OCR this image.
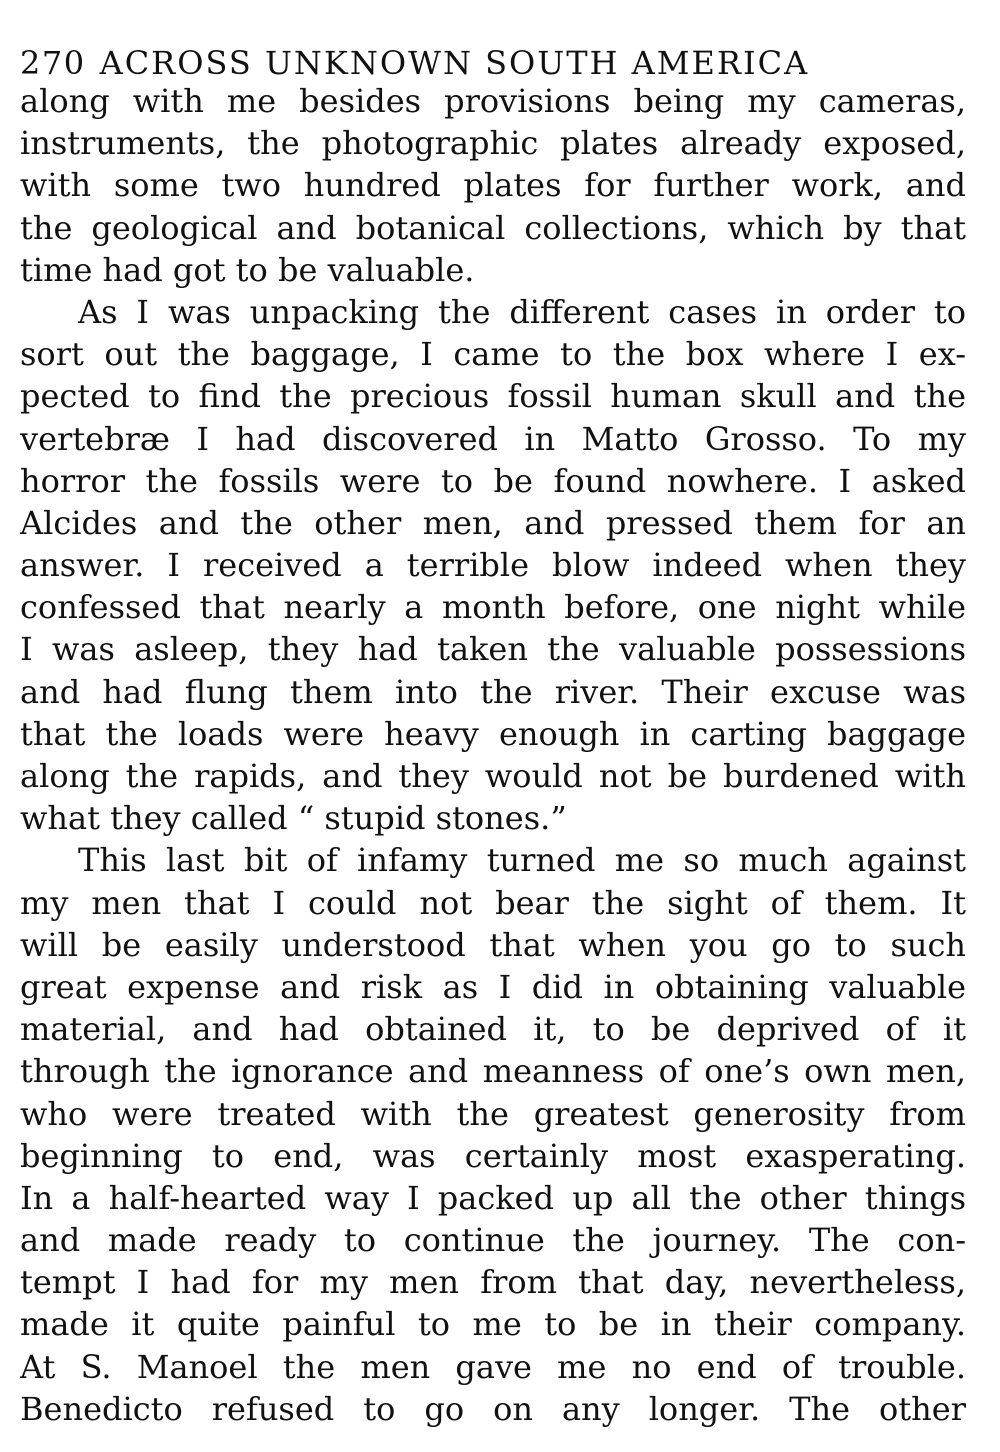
270 ACROSS UNKNOWN SOUTH AMERICA
along with me besides provisions being my cameras,
instruments, the photographic plates already exposed,
with some two hundred plates for further work, and
the geological and botanical collections, which by that
time had got to be valuable.
As I was unpacking the different cases in order to
sort out the baggage, I came to the box where I ex-
pected to find the precious fossil human skull and the
vertebræ I had discovered in Matto Grosso. To my
horror the fossils were to be found nowhere. I asked
Alcides and the other men, and pressed them for an
answer. I received a terrible blow indeed when they
confessed that nearly a month before, one night while
I was asleep, they had taken the valuable possessions
and had flung them into the river. Their excuse was
that the loads were heavy enough in carting baggage
along the rapids, and they would not be burdened with
what they called “ stupid stones.”
This last bit of infamy turned me so much against
my men that I could not bear the sight of them. It
will be easily understood that when you go to such
great expense and risk as I did in obtaining valuable
material, and had obtained it, to be deprived of it
through the ignorance and meanness of one’s own men,
who were treated with the greatest generosity from
beginning to end, was certainly most exasperating.
In a half-hearted way I packed up all the other things
and made ready to continue the journey. The con-
tempt I had for my men from that day, nevertheless,
made it quite painful to me to be in their company.
At S. Manoel the men gave me no end of trouble.
Benedicto refused to go on any longer. The other
